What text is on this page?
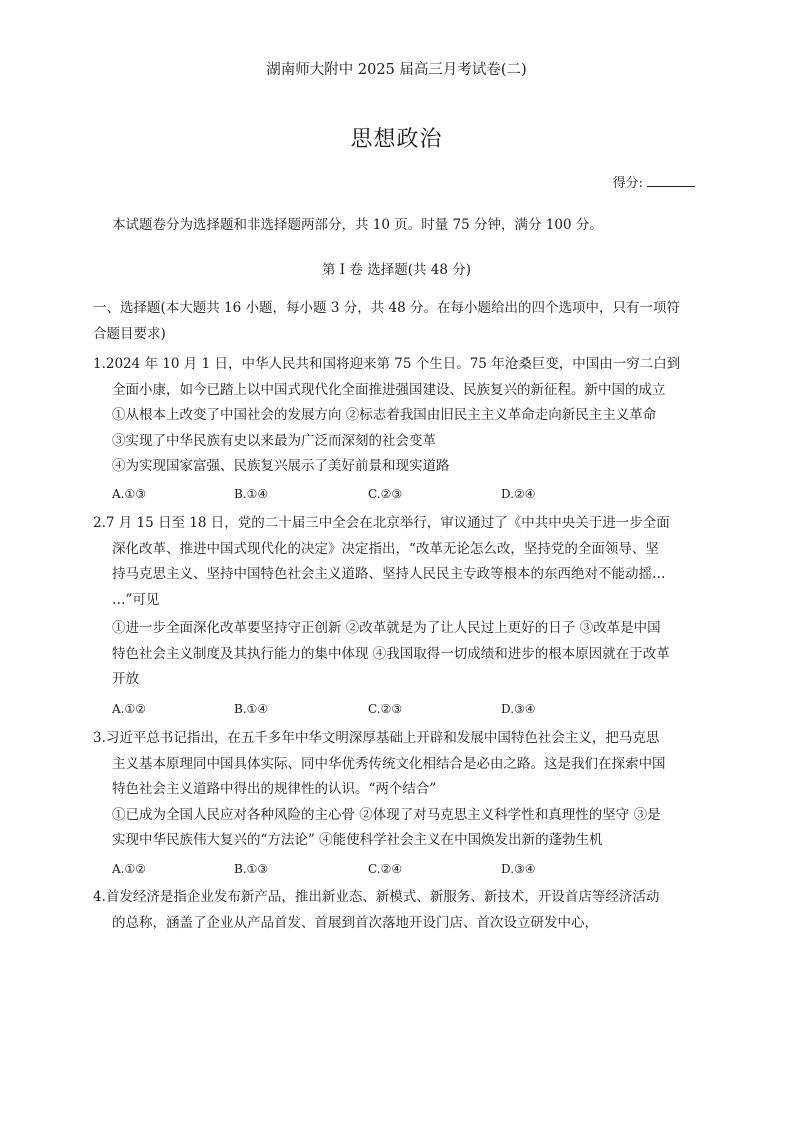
湖南师大附中 2025 届高三月考试卷(二)
思想政治
得分:
本试题卷分为选择题和非选择题两部分，共 10 页。时量 75 分钟，满分 100 分。
第 I 卷 选择题(共 48 分)
一、选择题(本大题共 16 小题，每小题 3 分，共 48 分。在每小题给出的四个选项中，只有一项符
合题目要求)
1.2024 年 10 月 1 日，中华人民共和国将迎来第 75 个生日。75 年沧桑巨变，中国由一穷二白到
全面小康，如今已踏上以中国式现代化全面推进强国建设、民族复兴的新征程。新中国的成立
①从根本上改变了中国社会的发展方向 ②标志着我国由旧民主主义革命走向新民主主义革命
③实现了中华民族有史以来最为广泛而深刻的社会变革
④为实现国家富强、民族复兴展示了美好前景和现实道路
A.①③	B.①④	C.②③	D.②④
2.7 月 15 日至 18 日，党的二十届三中全会在北京举行，审议通过了《中共中央关于进一步全面
深化改革、推进中国式现代化的决定》决定指出，“改革无论怎么改，坚持党的全面领导、坚
持马克思主义、坚持中国特色社会主义道路、坚持人民民主专政等根本的东西绝对不能动摇…
…”可见
①进一步全面深化改革要坚持守正创新 ②改革就是为了让人民过上更好的日子 ③改革是中国
特色社会主义制度及其执行能力的集中体现 ④我国取得一切成绩和进步的根本原因就在于改革
开放
A.①②	B.①④	C.②③	D.③④
3.习近平总书记指出，在五千多年中华文明深厚基础上开辟和发展中国特色社会主义，把马克思
主义基本原理同中国具体实际、同中华优秀传统文化相结合是必由之路。这是我们在探索中国
特色社会主义道路中得出的规律性的认识。“两个结合”
①已成为全国人民应对各种风险的主心骨 ②体现了对马克思主义科学性和真理性的坚守 ③是
实现中华民族伟大复兴的“方法论” ④能使科学社会主义在中国焕发出新的蓬勃生机
A.①②	B.①③	C.②④	D.③④
4.首发经济是指企业发布新产品，推出新业态、新模式、新服务、新技术，开设首店等经济活动
的总称，涵盖了企业从产品首发、首展到首次落地开设门店、首次设立研发中心，
